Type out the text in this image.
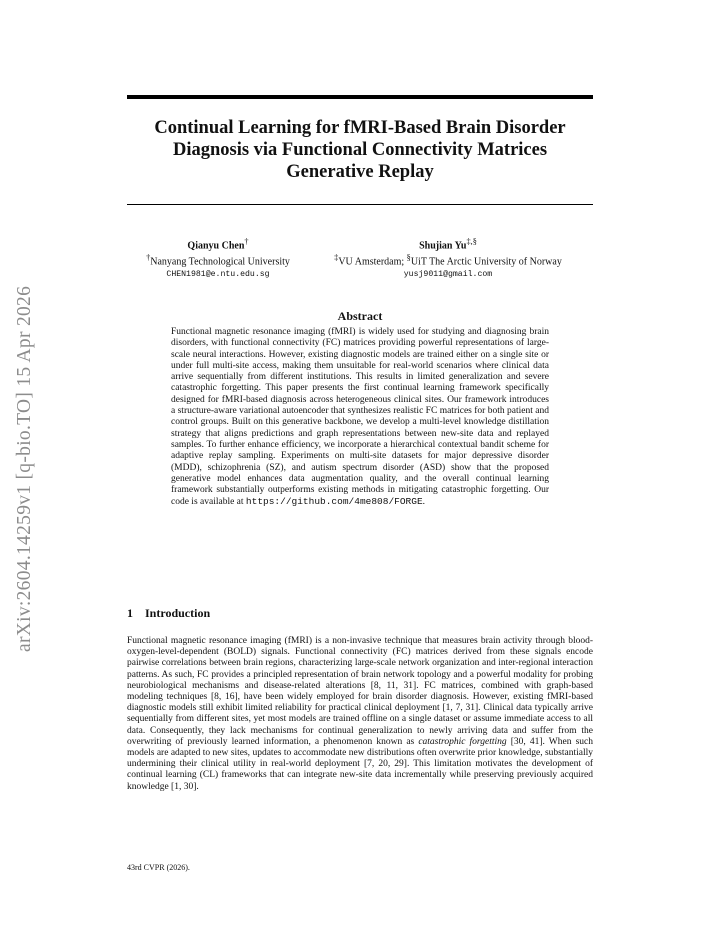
arXiv:2604.14259v1 [q-bio.TO] 15 Apr 2026
Continual Learning for fMRI-Based Brain Disorder Diagnosis via Functional Connectivity Matrices Generative Replay
Qianyu Chen†
†Nanyang Technological University
CHEN1981@e.ntu.edu.sg
Shujian Yu‡,§
‡VU Amsterdam; §UiT The Arctic University of Norway
yusj9011@gmail.com
Abstract

Functional magnetic resonance imaging (fMRI) is widely used for studying and diagnosing brain disorders, with functional connectivity (FC) matrices providing powerful representations of large-scale neural interactions. However, existing diagnostic models are trained either on a single site or under full multi-site access, making them unsuitable for real-world scenarios where clinical data arrive sequentially from different institutions. This results in limited generalization and severe catastrophic forgetting. This paper presents the first continual learning framework specifically designed for fMRI-based diagnosis across heterogeneous clinical sites. Our framework introduces a structure-aware variational autoencoder that synthesizes realistic FC matrices for both patient and control groups. Built on this generative backbone, we develop a multi-level knowledge distillation strategy that aligns predictions and graph representations between new-site data and replayed samples. To further enhance efficiency, we incorporate a hierarchical contextual bandit scheme for adaptive replay sampling. Experiments on multi-site datasets for major depressive disorder (MDD), schizophrenia (SZ), and autism spectrum disorder (ASD) show that the proposed generative model enhances data augmentation quality, and the overall continual learning framework substantially outperforms existing methods in mitigating catastrophic forgetting. Our code is available at https://github.com/4me808/FORGE.

1 Introduction

Functional magnetic resonance imaging (fMRI) is a non-invasive technique that measures brain activity through blood-oxygen-level-dependent (BOLD) signals. Functional connectivity (FC) matrices derived from these signals encode pairwise correlations between brain regions, characterizing large-scale network organization and inter-regional interaction patterns. As such, FC provides a principled representation of brain network topology and a powerful modality for probing neurobiological mechanisms and disease-related alterations [8, 11, 31]. FC matrices, combined with graph-based modeling techniques [8, 16], have been widely employed for brain disorder diagnosis. However, existing fMRI-based diagnostic models still exhibit limited reliability for practical clinical deployment [1, 7, 31]. Clinical data typically arrive sequentially from different sites, yet most models are trained offline on a single dataset or assume immediate access to all data. Consequently, they lack mechanisms for continual generalization to newly arriving data and suffer from the overwriting of previously learned information, a phenomenon known as catastrophic forgetting [30, 41]. When such models are adapted to new sites, updates to accommodate new distributions often overwrite prior knowledge, substantially undermining their clinical utility in real-world deployment [7, 20, 29]. This limitation motivates the development of continual learning (CL) frameworks that can integrate new-site data incrementally while preserving previously acquired knowledge [1, 30].

43rd CVPR (2026).
